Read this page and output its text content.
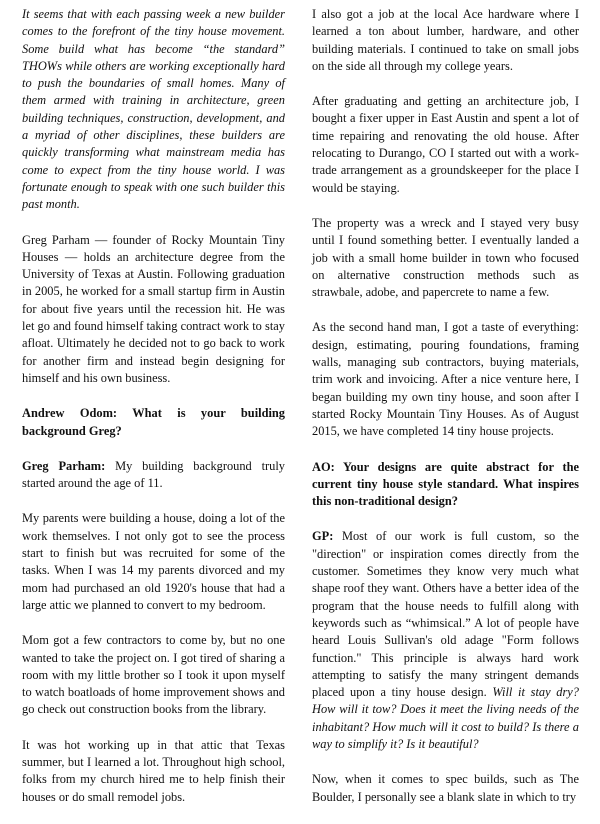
It seems that with each passing week a new builder comes to the forefront of the tiny house movement. Some build what has become “the standard” THOWs while others are working exceptionally hard to push the boundaries of small homes. Many of them armed with training in architecture, green building techniques, construction, development, and a myriad of other disciplines, these builders are quickly transforming what mainstream media has come to expect from the tiny house world. I was fortunate enough to speak with one such builder this past month.

Greg Parham — founder of Rocky Mountain Tiny Houses — holds an architecture degree from the University of Texas at Austin. Following graduation in 2005, he worked for a small startup firm in Austin for about five years until the recession hit. He was let go and found himself taking contract work to stay afloat. Ultimately he decided not to go back to work for another firm and instead begin designing for himself and his own business.

Andrew Odom: What is your building background Greg?

Greg Parham: My building background truly started around the age of 11.

My parents were building a house, doing a lot of the work themselves. I not only got to see the process start to finish but was recruited for some of the tasks. When I was 14 my parents divorced and my mom had purchased an old 1920's house that had a large attic we planned to convert to my bedroom.

Mom got a few contractors to come by, but no one wanted to take the project on. I got tired of sharing a room with my little brother so I took it upon myself to watch boatloads of home improvement shows and go check out construction books from the library.

It was hot working up in that attic that Texas summer, but I learned a lot. Throughout high school, folks from my church hired me to help finish their houses or do small remodel jobs.

I also got a job at the local Ace hardware where I learned a ton about lumber, hardware, and other building materials. I continued to take on small jobs on the side all through my college years.

After graduating and getting an architecture job, I bought a fixer upper in East Austin and spent a lot of time repairing and renovating the old house. After relocating to Durango, CO I started out with a work-trade arrangement as a groundskeeper for the place I would be staying.

The property was a wreck and I stayed very busy until I found something better. I eventually landed a job with a small home builder in town who focused on alternative construction methods such as strawbale, adobe, and papercrete to name a few.

As the second hand man, I got a taste of everything: design, estimating, pouring foundations, framing walls, managing sub contractors, buying materials, trim work and invoicing. After a nice venture here, I began building my own tiny house, and soon after I started Rocky Mountain Tiny Houses. As of August 2015, we have completed 14 tiny house projects.

AO: Your designs are quite abstract for the current tiny house style standard. What inspires this non-traditional design?

GP: Most of our work is full custom, so the "direction" or inspiration comes directly from the customer. Sometimes they know very much what shape roof they want. Others have a better idea of the program that the house needs to fulfill along with keywords such as “whimsical.” A lot of people have heard Louis Sullivan's old adage "Form follows function." This principle is always hard work attempting to satisfy the many stringent demands placed upon a tiny house design. Will it stay dry? How will it tow? Does it meet the living needs of the inhabitant? How much will it cost to build? Is there a way to simplify it? Is it beautiful?

Now, when it comes to spec builds, such as The Boulder, I personally see a blank slate in which to try
